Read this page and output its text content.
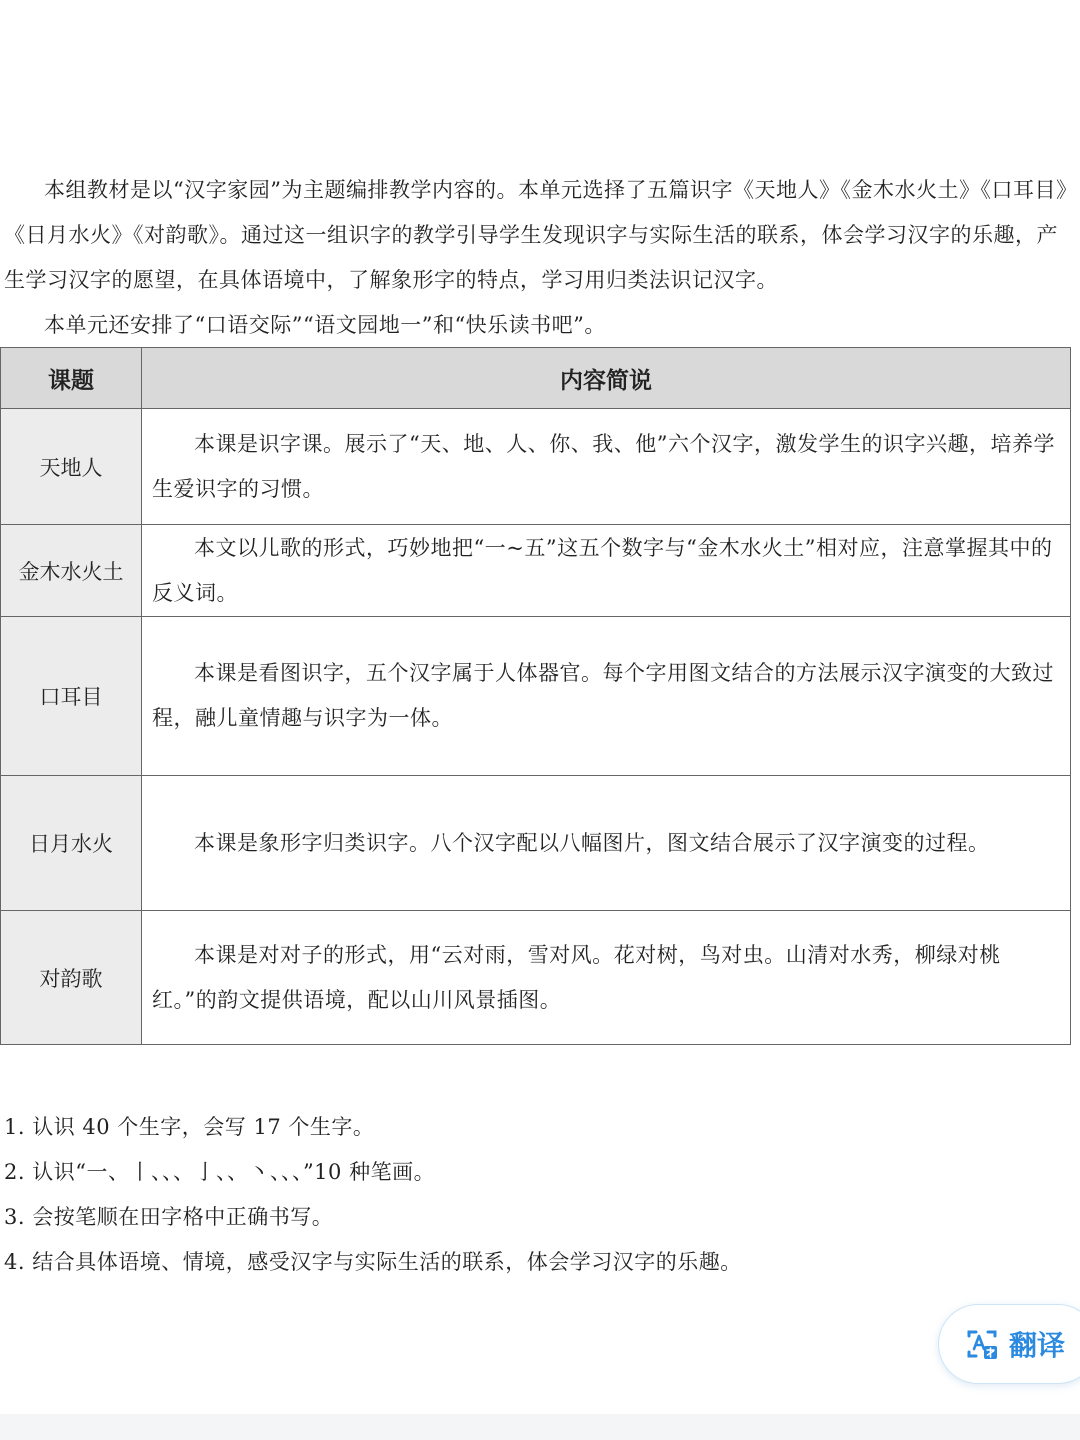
本组教材是以“汉字家园”为主题编排教学内容的。本单元选择了五篇识字《天地人》《金木水火土》《口耳目》《日月水火》《对韵歌》。通过这一组识字的教学引导学生发现识字与实际生活的联系，体会学习汉字的乐趣，产生学习汉字的愿望，在具体语境中，了解象形字的特点，学习用归类法识记汉字。

本单元还安排了“口语交际”“语文园地一”和“快乐读书吧”。

课题	内容简说
天地人	本课是识字课。展示了“天、地、人、你、我、他”六个汉字，激发学生的识字兴趣，培养学生爱识字的习惯。

金木水火土	本文以儿歌的形式，巧妙地把“一~五”这五个数字与“金木水火土”相对应，注意掌握其中的反义词。

口耳目	本课是看图识字，五个汉字属于人体器官。每个字用图文结合的方法展示汉字演变的大致过程，融儿童情趣与识字为一体。

日月水火	本课是象形字归类识字。八个汉字配以八幅图片，图文结合展示了汉字演变的过程。

对韵歌	本课是对对子的形式，用“云对雨，雪对风。花对树，鸟对虫。山清对水秀，柳绿对桃红。”的韵文提供语境，配以山川风景插图。
1. 认识 40 个生字，会写 17 个生字。
2. 认识“一、丨、、、亅、、丶、、、”10 种笔画。
3. 会按笔顺在田字格中正确书写。
4. 结合具体语境、情境，感受汉字与实际生活的联系，体会学习汉字的乐趣。
翻译
